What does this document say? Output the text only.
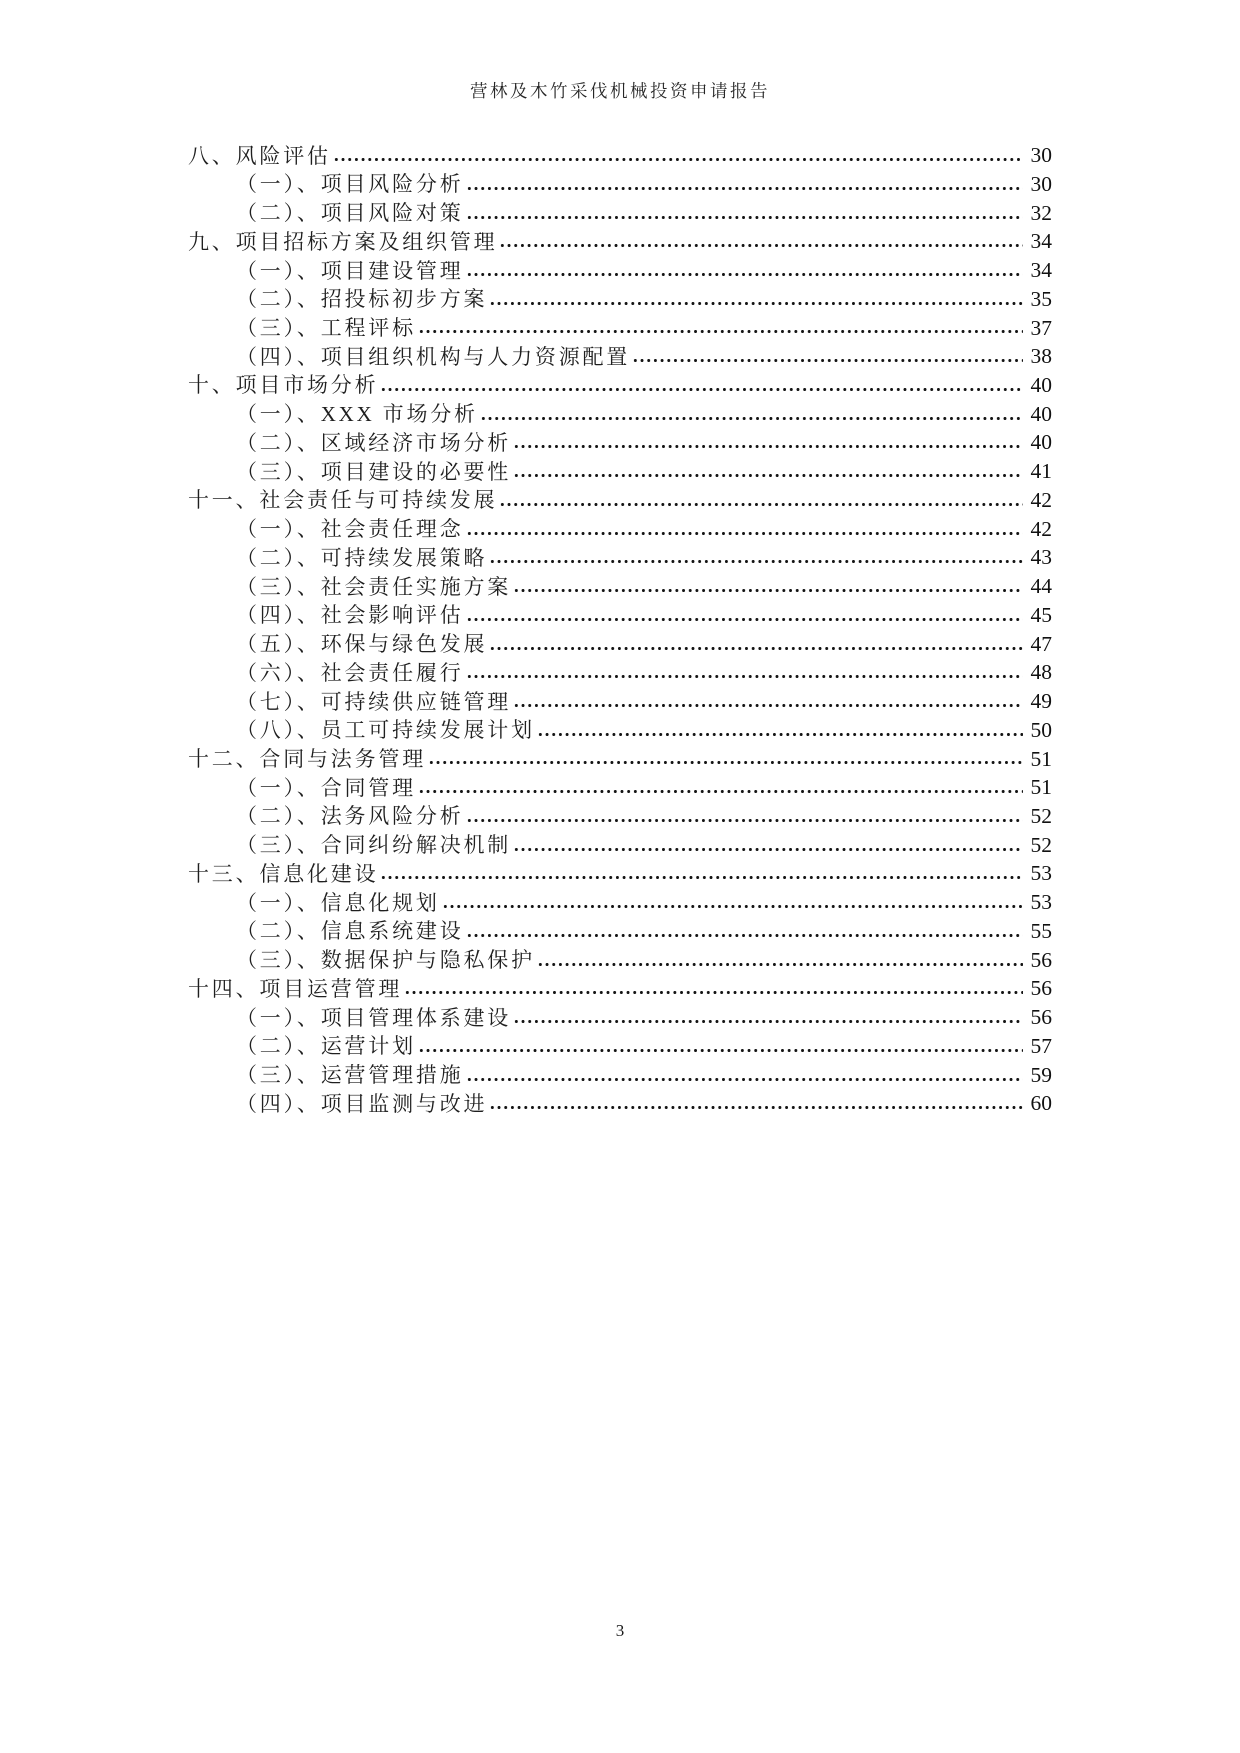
营林及木竹采伐机械投资申请报告
八、风险评估	30
（一）、项目风险分析	30
（二）、项目风险对策	32
九、项目招标方案及组织管理	34
（一）、项目建设管理	34
（二）、招投标初步方案	35
（三）、工程评标	37
（四）、项目组织机构与人力资源配置	38
十、项目市场分析	40
（一）、XXX 市场分析	40
（二）、区域经济市场分析	40
（三）、项目建设的必要性	41
十一、社会责任与可持续发展	42
（一）、社会责任理念	42
（二）、可持续发展策略	43
（三）、社会责任实施方案	44
（四）、社会影响评估	45
（五）、环保与绿色发展	47
（六）、社会责任履行	48
（七）、可持续供应链管理	49
（八）、员工可持续发展计划	50
十二、合同与法务管理	51
（一）、合同管理	51
（二）、法务风险分析	52
（三）、合同纠纷解决机制	52
十三、信息化建设	53
（一）、信息化规划	53
（二）、信息系统建设	55
（三）、数据保护与隐私保护	56
十四、项目运营管理	56
（一）、项目管理体系建设	56
（二）、运营计划	57
（三）、运营管理措施	59
（四）、项目监测与改进	60
3
